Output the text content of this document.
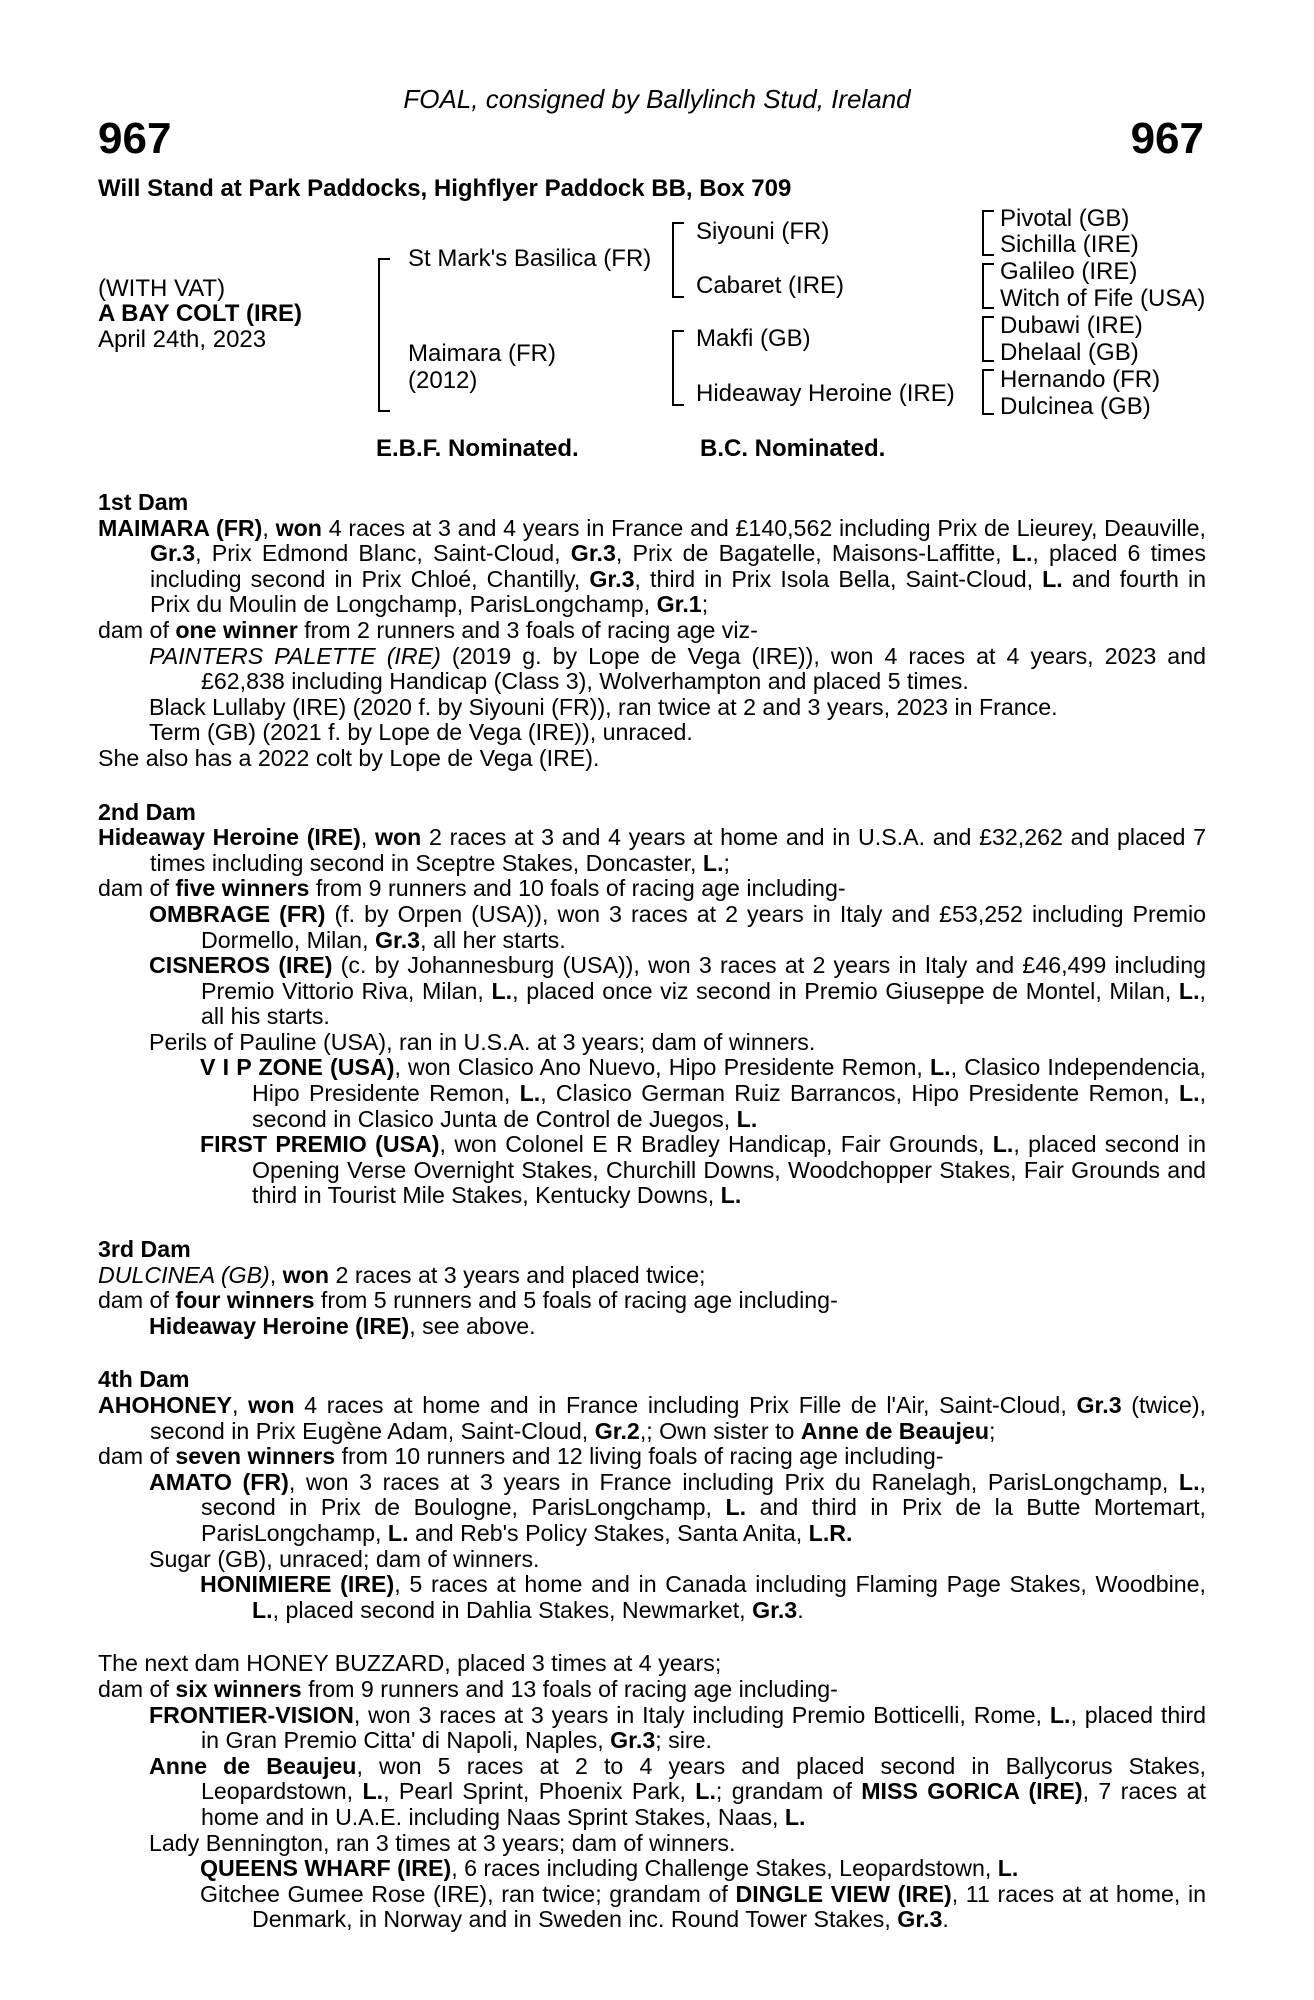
FOAL, consigned by Ballylinch Stud, Ireland
967	967
Will Stand at Park Paddocks, Highflyer Paddock BB, Box 709
(WITH VAT)
A BAY COLT (IRE)
April 24th, 2023
St Mark's Basilica (FR)
Maimara (FR)
(2012)
Siyouni (FR)
Cabaret (IRE)
Makfi (GB)
Hideaway Heroine (IRE)
Pivotal (GB)
Sichilla (IRE)
Galileo (IRE)
Witch of Fife (USA)
Dubawi (IRE)
Dhelaal (GB)
Hernando (FR)
Dulcinea (GB)
E.B.F. Nominated.	B.C. Nominated.
1st Dam
MAIMARA (FR), won 4 races at 3 and 4 years in France and £140,562 including Prix de Lieurey, Deauville, Gr.3, Prix Edmond Blanc, Saint-Cloud, Gr.3, Prix de Bagatelle, Maisons-Laffitte, L., placed 6 times including second in Prix Chloé, Chantilly, Gr.3, third in Prix Isola Bella, Saint-Cloud, L. and fourth in Prix du Moulin de Longchamp, ParisLongchamp, Gr.1;
dam of one winner from 2 runners and 3 foals of racing age viz-
PAINTERS PALETTE (IRE) (2019 g. by Lope de Vega (IRE)), won 4 races at 4 years, 2023 and £62,838 including Handicap (Class 3), Wolverhampton and placed 5 times.
Black Lullaby (IRE) (2020 f. by Siyouni (FR)), ran twice at 2 and 3 years, 2023 in France.
Term (GB) (2021 f. by Lope de Vega (IRE)), unraced.
She also has a 2022 colt by Lope de Vega (IRE).
2nd Dam
Hideaway Heroine (IRE), won 2 races at 3 and 4 years at home and in U.S.A. and £32,262 and placed 7 times including second in Sceptre Stakes, Doncaster, L.;
dam of five winners from 9 runners and 10 foals of racing age including-
OMBRAGE (FR) (f. by Orpen (USA)), won 3 races at 2 years in Italy and £53,252 including Premio Dormello, Milan, Gr.3, all her starts.
CISNEROS (IRE) (c. by Johannesburg (USA)), won 3 races at 2 years in Italy and £46,499 including Premio Vittorio Riva, Milan, L., placed once viz second in Premio Giuseppe de Montel, Milan, L., all his starts.
Perils of Pauline (USA), ran in U.S.A. at 3 years; dam of winners.
V I P ZONE (USA), won Clasico Ano Nuevo, Hipo Presidente Remon, L., Clasico Independencia, Hipo Presidente Remon, L., Clasico German Ruiz Barrancos, Hipo Presidente Remon, L., second in Clasico Junta de Control de Juegos, L.
FIRST PREMIO (USA), won Colonel E R Bradley Handicap, Fair Grounds, L., placed second in Opening Verse Overnight Stakes, Churchill Downs, Woodchopper Stakes, Fair Grounds and third in Tourist Mile Stakes, Kentucky Downs, L.
3rd Dam
DULCINEA (GB), won 2 races at 3 years and placed twice;
dam of four winners from 5 runners and 5 foals of racing age including-
Hideaway Heroine (IRE), see above.
4th Dam
AHOHONEY, won 4 races at home and in France including Prix Fille de l'Air, Saint-Cloud, Gr.3 (twice), second in Prix Eugène Adam, Saint-Cloud, Gr.2,; Own sister to Anne de Beaujeu;
dam of seven winners from 10 runners and 12 living foals of racing age including-
AMATO (FR), won 3 races at 3 years in France including Prix du Ranelagh, ParisLongchamp, L., second in Prix de Boulogne, ParisLongchamp, L. and third in Prix de la Butte Mortemart, ParisLongchamp, L. and Reb's Policy Stakes, Santa Anita, L.R.
Sugar (GB), unraced; dam of winners.
HONIMIERE (IRE), 5 races at home and in Canada including Flaming Page Stakes, Woodbine, L., placed second in Dahlia Stakes, Newmarket, Gr.3.
The next dam HONEY BUZZARD, placed 3 times at 4 years;
dam of six winners from 9 runners and 13 foals of racing age including-
FRONTIER-VISION, won 3 races at 3 years in Italy including Premio Botticelli, Rome, L., placed third in Gran Premio Citta' di Napoli, Naples, Gr.3; sire.
Anne de Beaujeu, won 5 races at 2 to 4 years and placed second in Ballycorus Stakes, Leopardstown, L., Pearl Sprint, Phoenix Park, L.; grandam of MISS GORICA (IRE), 7 races at home and in U.A.E. including Naas Sprint Stakes, Naas, L.
Lady Bennington, ran 3 times at 3 years; dam of winners.
QUEENS WHARF (IRE), 6 races including Challenge Stakes, Leopardstown, L.
Gitchee Gumee Rose (IRE), ran twice; grandam of DINGLE VIEW (IRE), 11 races at at home, in Denmark, in Norway and in Sweden inc. Round Tower Stakes, Gr.3.
